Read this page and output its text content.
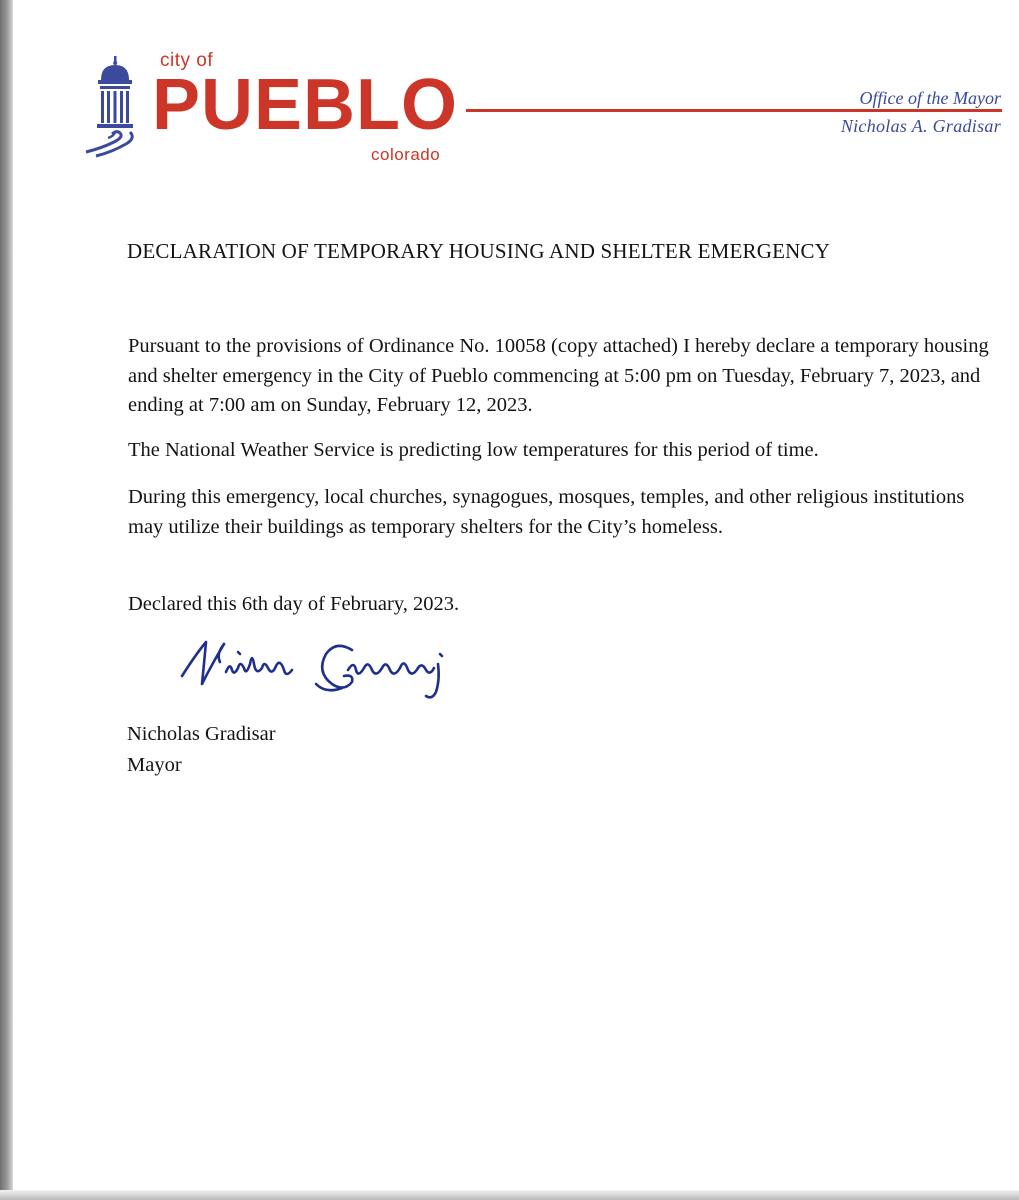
city of
PUEBLO
colorado
Office of the Mayor
Nicholas A. Gradisar
DECLARATION OF TEMPORARY HOUSING AND SHELTER EMERGENCY

Pursuant to the provisions of Ordinance No. 10058 (copy attached) I hereby declare a temporary housing and shelter emergency in the City of Pueblo commencing at 5:00 pm on Tuesday, February 7, 2023, and ending at 7:00 am on Sunday, February 12, 2023.

The National Weather Service is predicting low temperatures for this period of time.

During this emergency, local churches, synagogues, mosques, temples, and other religious institutions may utilize their buildings as temporary shelters for the City’s homeless.

Declared this 6th day of February, 2023.

Nicholas Gradisar
Mayor
